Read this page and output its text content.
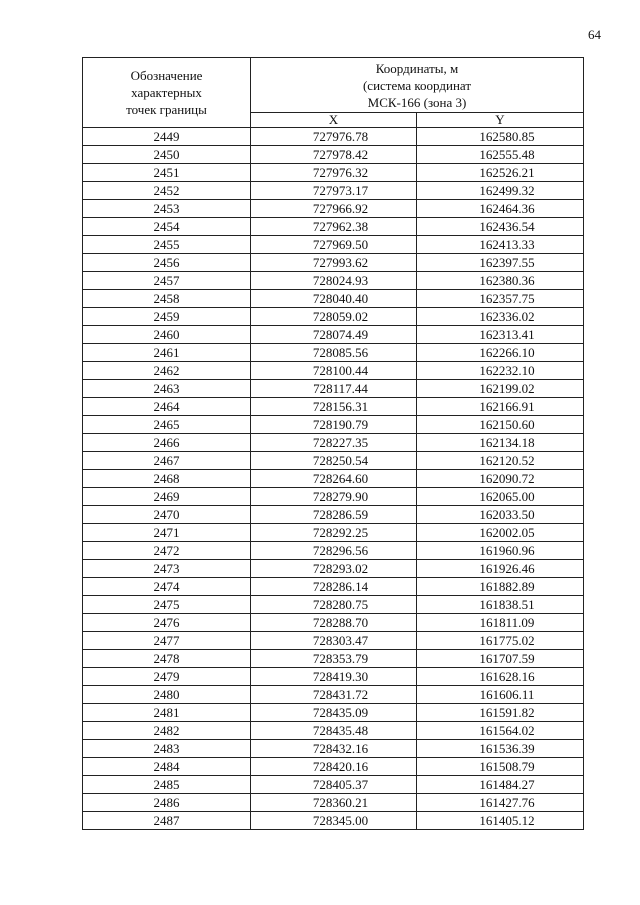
64
Обозначение
характерных
точек границы	Координаты, м
(система координат
МСК-166 (зона 3)	

	X	Y
2449	727976.78	162580.85
2450	727978.42	162555.48
2451	727976.32	162526.21
2452	727973.17	162499.32
2453	727966.92	162464.36
2454	727962.38	162436.54
2455	727969.50	162413.33
2456	727993.62	162397.55
2457	728024.93	162380.36
2458	728040.40	162357.75
2459	728059.02	162336.02
2460	728074.49	162313.41
2461	728085.56	162266.10
2462	728100.44	162232.10
2463	728117.44	162199.02
2464	728156.31	162166.91
2465	728190.79	162150.60
2466	728227.35	162134.18
2467	728250.54	162120.52
2468	728264.60	162090.72
2469	728279.90	162065.00
2470	728286.59	162033.50
2471	728292.25	162002.05
2472	728296.56	161960.96
2473	728293.02	161926.46
2474	728286.14	161882.89
2475	728280.75	161838.51
2476	728288.70	161811.09
2477	728303.47	161775.02
2478	728353.79	161707.59
2479	728419.30	161628.16
2480	728431.72	161606.11
2481	728435.09	161591.82
2482	728435.48	161564.02
2483	728432.16	161536.39
2484	728420.16	161508.79
2485	728405.37	161484.27
2486	728360.21	161427.76
2487	728345.00	161405.12
